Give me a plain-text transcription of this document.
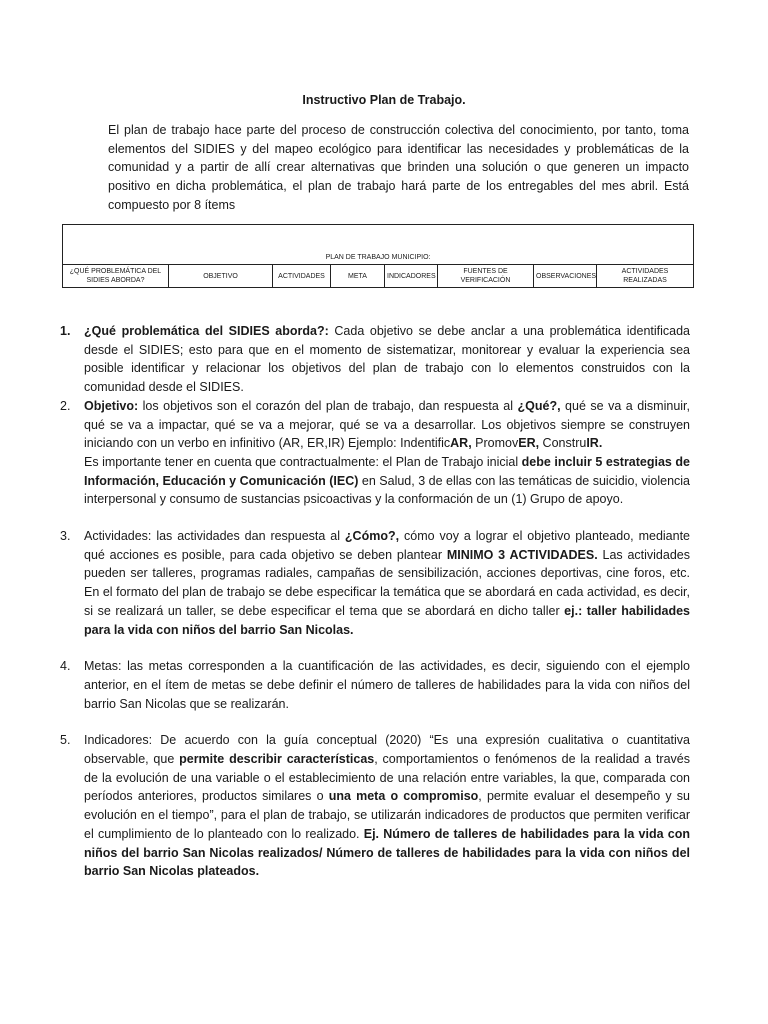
Instructivo Plan de Trabajo.

El plan de trabajo hace parte del proceso de construcción colectiva del conocimiento, por tanto, toma elementos del SIDIES y del mapeo ecológico para identificar las necesidades y problemáticas de la comunidad y a partir de allí crear alternativas que brinden una solución o que generen un impacto positivo en dicha problemática, el plan de trabajo hará parte de los entregables del mes abril. Está compuesto por 8 ítems

PLAN DE TRABAJO MUNICIPIO:
¿QUÉ PROBLEMÁTICA DEL SIDIES ABORDA?	OBJETIVO	ACTIVIDADES	META	INDICADORES	FUENTES DE VERIFICACIÓN	OBSERVACIONES	ACTIVIDADES REALIZADAS
1. ¿Qué problemática del SIDIES aborda?: Cada objetivo se debe anclar a una problemática identificada desde el SIDIES; esto para que en el momento de sistematizar, monitorear y evaluar la experiencia sea posible identificar y relacionar los objetivos del plan de trabajo con lo elementos construidos con la comunidad desde el SIDIES.
2. Objetivo: los objetivos son el corazón del plan de trabajo, dan respuesta al ¿Qué?, qué se va a disminuir, qué se va a impactar, qué se va a mejorar, qué se va a desarrollar. Los objetivos siempre se construyen iniciando con un verbo en infinitivo (AR, ER,IR) Ejemplo: IndentificAR, PromovER, ConstruIR.

Es importante tener en cuenta que contractualmente: el Plan de Trabajo inicial debe incluir 5 estrategias de Información, Educación y Comunicación (IEC) en Salud, 3 de ellas con las temáticas de suicidio, violencia interpersonal y consumo de sustancias psicoactivas y la conformación de un (1) Grupo de apoyo.

3. Actividades: las actividades dan respuesta al ¿Cómo?, cómo voy a lograr el objetivo planteado, mediante qué acciones es posible, para cada objetivo se deben plantear MINIMO 3 ACTIVIDADES. Las actividades pueden ser talleres, programas radiales, campañas de sensibilización, acciones deportivas, cine foros, etc. En el formato del plan de trabajo se debe especificar la temática que se abordará en cada actividad, es decir, si se realizará un taller, se debe especificar el tema que se abordará en dicho taller ej.: taller habilidades para la vida con niños del barrio San Nicolas.
4. Metas: las metas corresponden a la cuantificación de las actividades, es decir, siguiendo con el ejemplo anterior, en el ítem de metas se debe definir el número de talleres de habilidades para la vida con niños del barrio San Nicolas que se realizarán.
5. Indicadores: De acuerdo con la guía conceptual (2020) “Es una expresión cualitativa o cuantitativa observable, que permite describir características, comportamientos o fenómenos de la realidad a través de la evolución de una variable o el establecimiento de una relación entre variables, la que, comparada con períodos anteriores, productos similares o una meta o compromiso, permite evaluar el desempeño y su evolución en el tiempo”, para el plan de trabajo, se utilizarán indicadores de productos que permiten verificar el cumplimiento de lo planteado con lo realizado. Ej. Número de talleres de habilidades para la vida con niños del barrio San Nicolas realizados/ Número de talleres de habilidades para la vida con niños del barrio San Nicolas plateados.
